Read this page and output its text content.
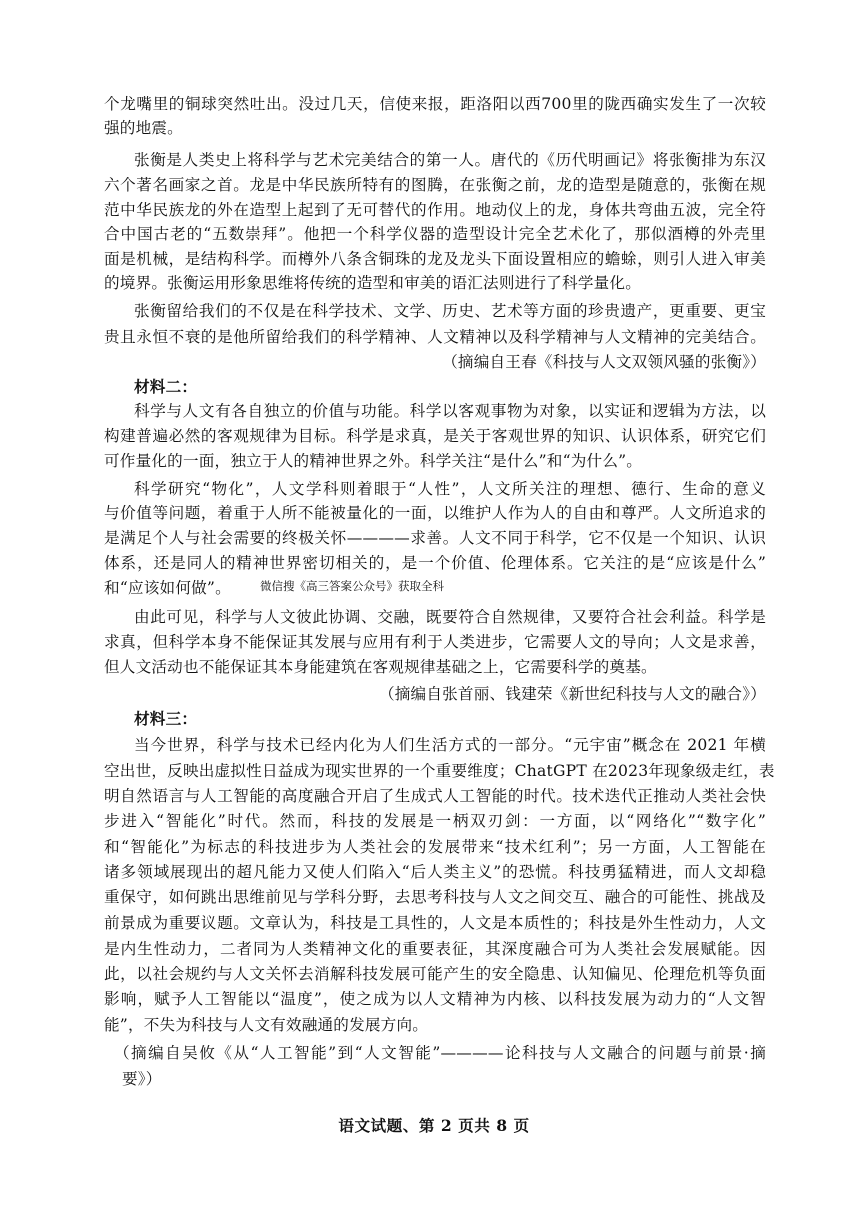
个龙嘴里的铜球突然吐出。没过几天，信使来报，距洛阳以西700里的陇西确实发生了一次较
强的地震。
张衡是人类史上将科学与艺术完美结合的第一人。唐代的《历代明画记》将张衡排为东汉
六个著名画家之首。龙是中华民族所特有的图腾，在张衡之前，龙的造型是随意的，张衡在规
范中华民族龙的外在造型上起到了无可替代的作用。地动仪上的龙，身体共弯曲五波，完全符
合中国古老的“五数崇拜”。他把一个科学仪器的造型设计完全艺术化了，那似酒樽的外壳里
面是机械，是结构科学。而樽外八条含铜珠的龙及龙头下面设置相应的蟾蜍，则引人进入审美
的境界。张衡运用形象思维将传统的造型和审美的语汇法则进行了科学量化。
张衡留给我们的不仅是在科学技术、文学、历史、艺术等方面的珍贵遗产，更重要、更宝
贵且永恒不衰的是他所留给我们的科学精神、人文精神以及科学精神与人文精神的完美结合。
（摘编自王春《科技与人文双领风骚的张衡》）
材料二：
科学与人文有各自独立的价值与功能。科学以客观事物为对象，以实证和逻辑为方法，以
构建普遍必然的客观规律为目标。科学是求真，是关于客观世界的知识、认识体系，研究它们
可作量化的一面，独立于人的精神世界之外。科学关注“是什么”和“为什么”。
科学研究“物化”，人文学科则着眼于“人性”，人文所关注的理想、德行、生命的意义
与价值等问题，着重于人所不能被量化的一面，以维护人作为人的自由和尊严。人文所追求的
是满足个人与社会需要的终极关怀————求善。人文不同于科学，它不仅是一个知识、认识
体系，还是同人的精神世界密切相关的，是一个价值、伦理体系。它关注的是“应该是什么”
和“应该如何做”。	微信搜《高三答案公众号》获取全科
由此可见，科学与人文彼此协调、交融，既要符合自然规律，又要符合社会利益。科学是
求真，但科学本身不能保证其发展与应用有利于人类进步，它需要人文的导向；人文是求善，
但人文活动也不能保证其本身能建筑在客观规律基础之上，它需要科学的奠基。
（摘编自张首丽、钱建荣《新世纪科技与人文的融合》）
材料三：
当今世界，科学与技术已经内化为人们生活方式的一部分。“元宇宙”概念在 2021 年横
空出世，反映出虚拟性日益成为现实世界的一个重要维度；ChatGPT 在2023年现象级走红，表
明自然语言与人工智能的高度融合开启了生成式人工智能的时代。技术迭代正推动人类社会快
步进入“智能化”时代。然而，科技的发展是一柄双刃剑：一方面，以“网络化”“数字化”
和“智能化”为标志的科技进步为人类社会的发展带来“技术红利”；另一方面，人工智能在
诸多领域展现出的超凡能力又使人们陷入“后人类主义”的恐慌。科技勇猛精进，而人文却稳
重保守，如何跳出思维前见与学科分野，去思考科技与人文之间交互、融合的可能性、挑战及
前景成为重要议题。文章认为，科技是工具性的，人文是本质性的；科技是外生性动力，人文
是内生性动力，二者同为人类精神文化的重要表征，其深度融合可为人类社会发展赋能。因
此，以社会规约与人文关怀去消解科技发展可能产生的安全隐患、认知偏见、伦理危机等负面
影响，赋予人工智能以“温度”，使之成为以人文精神为内核、以科技发展为动力的“人文智
能”，不失为科技与人文有效融通的发展方向。
（摘编自吴攸《从“人工智能”到“人文智能”————论科技与人文融合的问题与前景·摘
要》）
语文试题、第 2 页共 8 页
